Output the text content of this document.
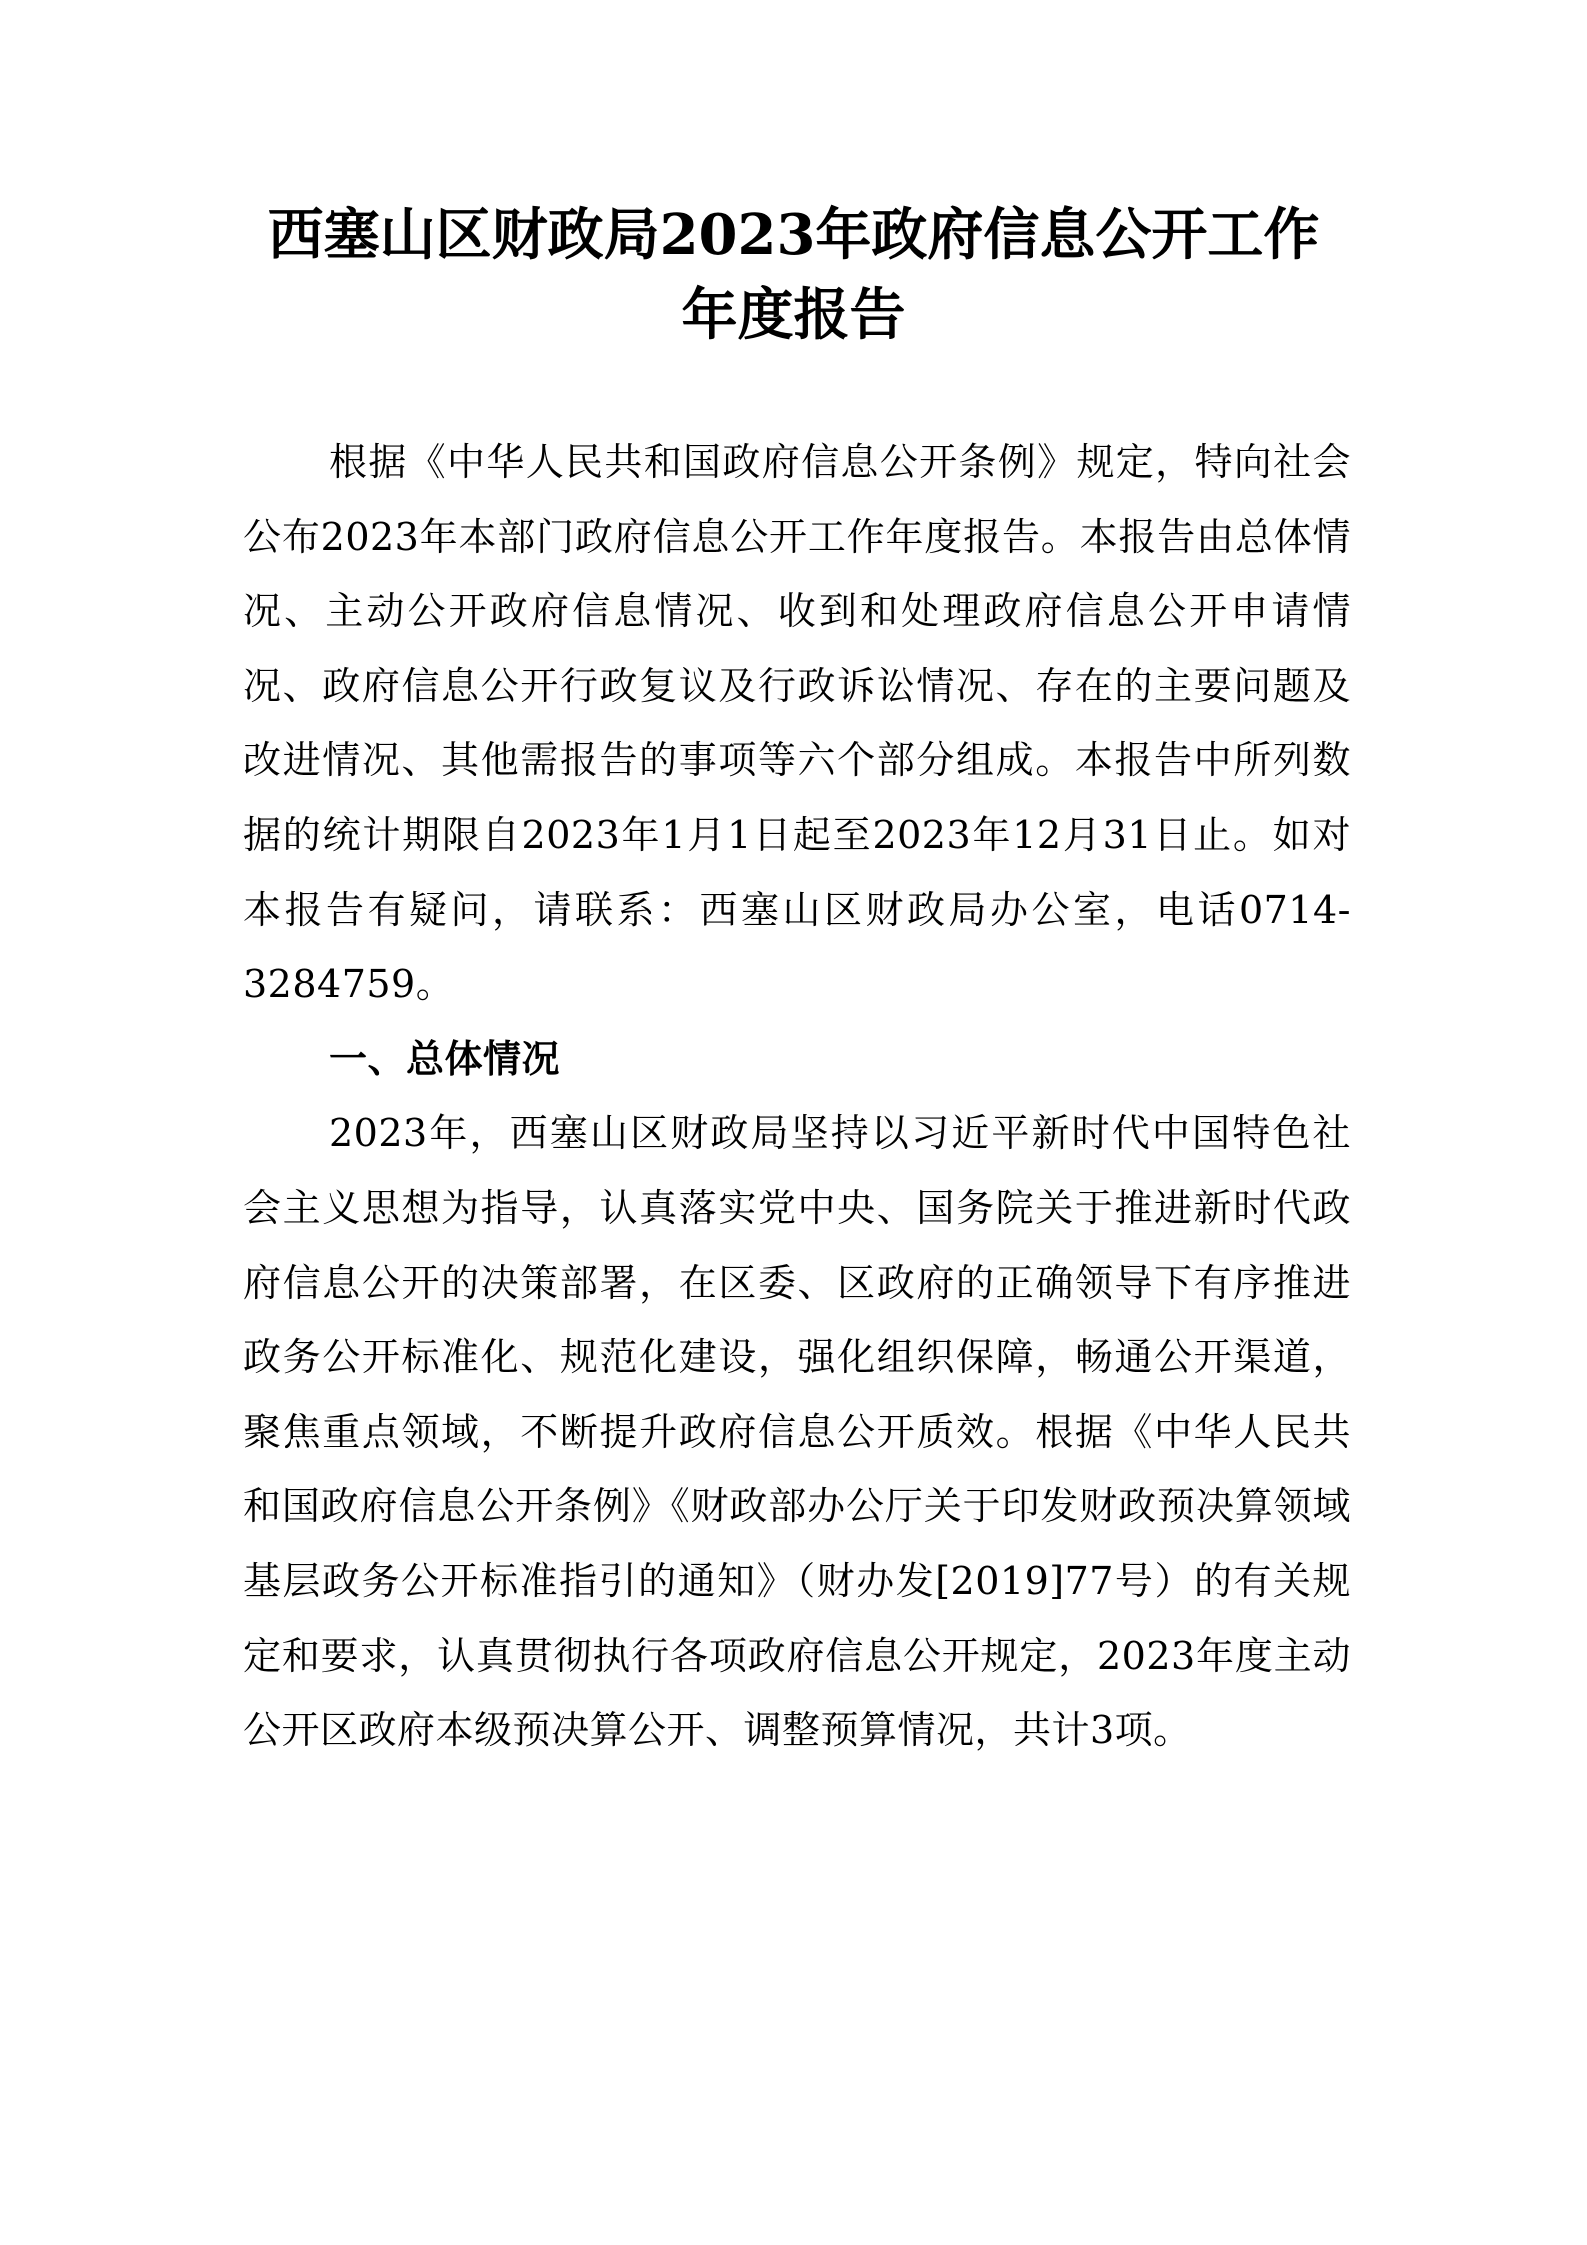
西塞山区财政局2023年政府信息公开工作
年度报告

根据《中华人民共和国政府信息公开条例》规定，特向社会公布2023年本部门政府信息公开工作年度报告。本报告由总体情况、主动公开政府信息情况、收到和处理政府信息公开申请情况、政府信息公开行政复议及行政诉讼情况、存在的主要问题及改进情况、其他需报告的事项等六个部分组成。本报告中所列数据的统计期限自2023年1月1日起至2023年12月31日止。如对本报告有疑问，请联系：西塞山区财政局办公室，电话0714-3284759。

一、总体情况

2023年，西塞山区财政局坚持以习近平新时代中国特色社会主义思想为指导，认真落实党中央、国务院关于推进新时代政府信息公开的决策部署，在区委、区政府的正确领导下有序推进政务公开标准化、规范化建设，强化组织保障，畅通公开渠道，聚焦重点领域，不断提升政府信息公开质效。根据《中华人民共和国政府信息公开条例》《财政部办公厅关于印发财政预决算领域基层政务公开标准指引的通知》（财办发[2019]77号）的有关规定和要求，认真贯彻执行各项政府信息公开规定，2023年度主动公开区政府本级预决算公开、调整预算情况，共计3项。
